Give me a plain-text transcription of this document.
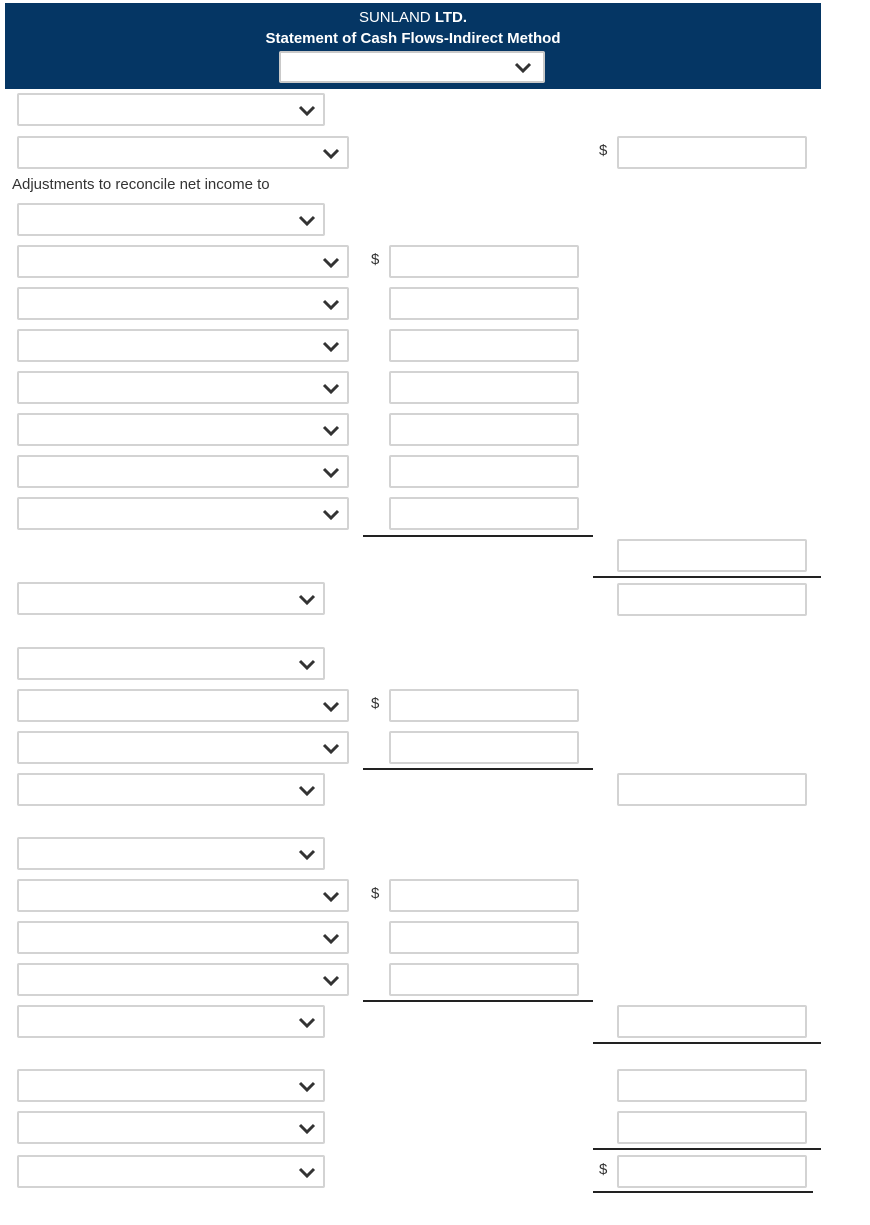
SUNLAND LTD.
Statement of Cash Flows-Indirect Method
$
Adjustments to reconcile net income to
$
$
$
$
